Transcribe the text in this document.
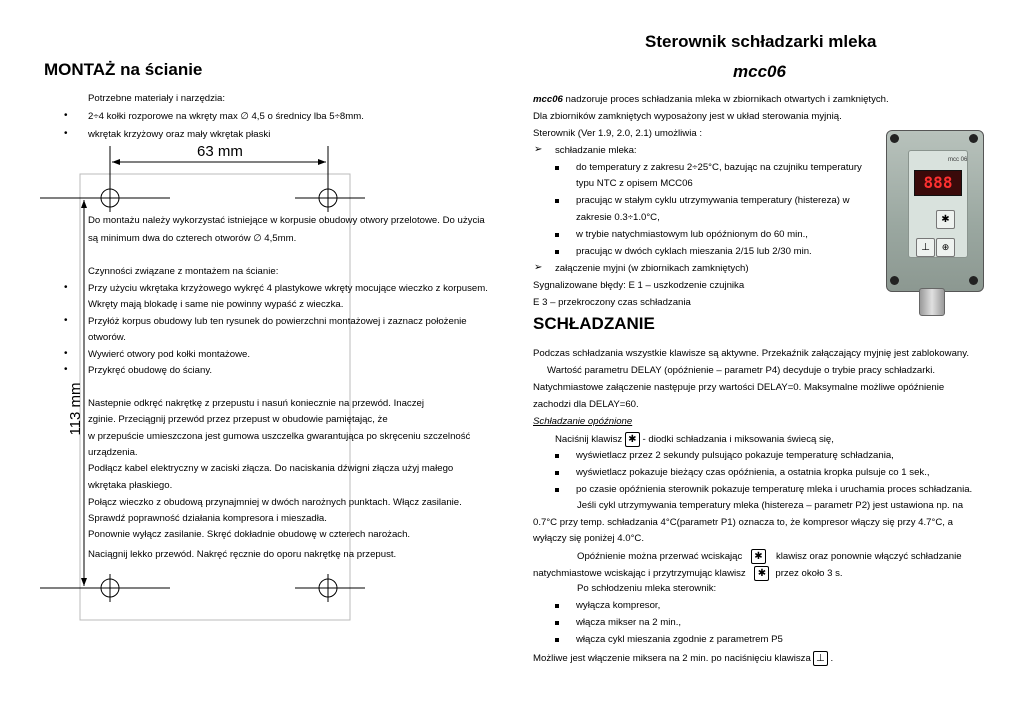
MONTAŻ na ścianie
Potrzebne materiały i narzędzia:
• 2÷4 kołki rozporowe na wkręty max ∅ 4,5 o średnicy lba 5÷8mm.
• wkrętak krzyżowy oraz mały wkrętak płaski
63 mm
113 mm
Do montażu należy wykorzystać istniejące w korpusie obudowy otwory przelotowe. Do użycia
są minimum dwa do czterech otworów ∅ 4,5mm.
Czynności związane z montażem na ścianie:
• Przy użyciu wkrętaka krzyżowego wykręć 4 plastykowe wkręty mocujące wieczko z korpusem.
Wkręty mają blokadę i same nie powinny wypaść z wieczka.
• Przyłóż korpus obudowy lub ten rysunek do powierzchni montażowej i zaznacz położenie
otworów.
• Wywierć otwory pod kołki montażowe.
• Przykręć obudowę do ściany.
Nastepnie odkręć nakrętkę z przepustu i nasuń koniecznie na przewód. Inaczej
zginie. Przeciągnij przewód przez przepust w obudowie pamiętając, że
w przepuście umieszczona jest gumowa uszczelka gwarantująca po skręceniu szczelność
urządzenia.
Podłącz kabel elektryczny w zaciski złącza. Do naciskania dźwigni złącza użyj małego
wkrętaka płaskiego.
Połącz wieczko z obudową przynajmniej w dwóch narożnych punktach. Włącz zasilanie.
Sprawdź poprawność działania kompresora i mieszadła.
Ponownie wyłącz zasilanie. Skręć dokładnie obudowę w czterech narożach.
Naciągnij lekko przewód. Nakręć ręcznie do oporu nakrętkę na przepust.
Sterownik schładzarki mleka
mcc06
mcc06 nadzoruje proces schładzania mleka w zbiornikach otwartych i zamkniętych.
Dla zbiorników zamkniętych wyposażony jest w układ sterowania myjnią.
Sterownik (Ver 1.9, 2.0, 2.1) umożliwia :
➢ schładzanie mleka:
do temperatury z zakresu 2÷25°C, bazując na czujniku temperatury
typu NTC z opisem MCC06
pracując w stałym cyklu utrzymywania temperatury (histereza) w
zakresie 0.3÷1.0°C,
w trybie natychmiastowym lub opóźnionym do 60 min.,
pracując w dwóch cyklach mieszania 2/15 lub 2/30 min.
➢ załączenie myjni (w zbiornikach zamkniętych)
Sygnalizowane błędy: E 1 – uszkodzenie czujnika
E 3 – przekroczony czas schładzania
mcc 06
888
✱
⊥	⊕
SCHŁADZANIE
Podczas schładzania wszystkie klawisze są aktywne. Przekaźnik załączający myjnię jest zablokowany.
Wartość parametru DELAY (opóźnienie – parametr P4) decyduje o trybie pracy schładzarki.
Natychmiastowe załączenie następuje przy wartości DELAY=0. Maksymalne możliwe opóźnienie
zachodzi dla DELAY=60.
Schładzanie opóźnione
Naciśnij klawisz ✱ - diodki schładzania i miksowania świecą się,
wyświetlacz przez 2 sekundy pulsująco pokazuje temperaturę schładzania,
wyświetlacz pokazuje bieżący czas opóźnienia, a ostatnia kropka pulsuje co 1 sek.,
po czasie opóźnienia sterownik pokazuje temperaturę mleka i uruchamia proces schładzania.
Jeśli cykl utrzymywania temperatury mleka (histereza – parametr P2) jest ustawiona np. na
0.7°C przy temp. schładzania 4°C(parametr P1) oznacza to, że kompresor włączy się przy 4.7°C, a
wyłączy się poniżej 4.0°C.
Opóźnienie można przerwać wciskając ✱ klawisz oraz ponownie włączyć schładzanie
natychmiastowe wciskając i przytrzymując klawisz ✱ przez około 3 s.
Po schłodzeniu mleka sterownik:
wyłącza kompresor,
włącza mikser na 2 min.,
włącza cykl mieszania zgodnie z parametrem P5
Możliwe jest włączenie miksera na 2 min. po naciśnięciu klawisza ⊥ .
